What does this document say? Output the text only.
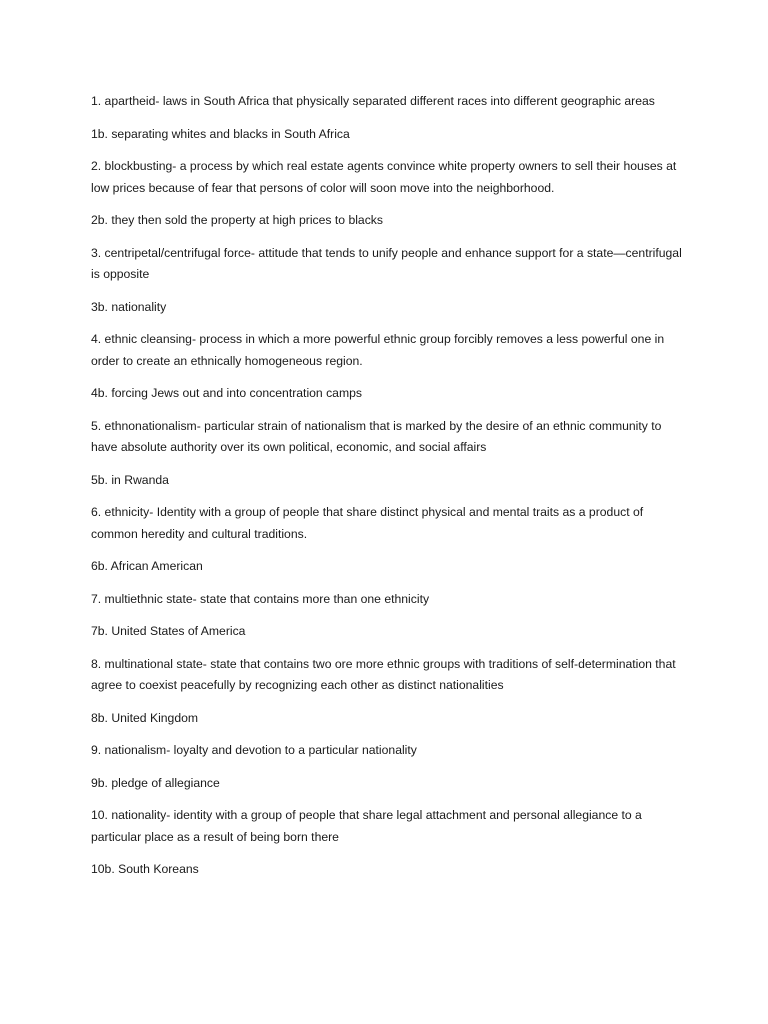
1. apartheid- laws in South Africa that physically separated different races into different geographic areas

1b. separating whites and blacks in South Africa

2. blockbusting- a process by which real estate agents convince white property owners to sell their houses at low prices because of fear that persons of color will soon move into the neighborhood.

2b. they then sold the property at high prices to blacks

3. centripetal/centrifugal force- attitude that tends to unify people and enhance support for a state—centrifugal is opposite

3b. nationality

4. ethnic cleansing- process in which a more powerful ethnic group forcibly removes a less powerful one in order to create an ethnically homogeneous region.

4b. forcing Jews out and into concentration camps

5. ethnonationalism- particular strain of nationalism that is marked by the desire of an ethnic community to have absolute authority over its own political, economic, and social affairs

5b. in Rwanda

6. ethnicity- Identity with a group of people that share distinct physical and mental traits as a product of common heredity and cultural traditions.

6b. African American

7. multiethnic state- state that contains more than one ethnicity

7b. United States of America

8. multinational state- state that contains two ore more ethnic groups with traditions of self-determination that agree to coexist peacefully by recognizing each other as distinct nationalities

8b. United Kingdom

9. nationalism- loyalty and devotion to a particular nationality

9b. pledge of allegiance

10. nationality- identity with a group of people that share legal attachment and personal allegiance to a particular place as a result of being born there

10b. South Koreans
